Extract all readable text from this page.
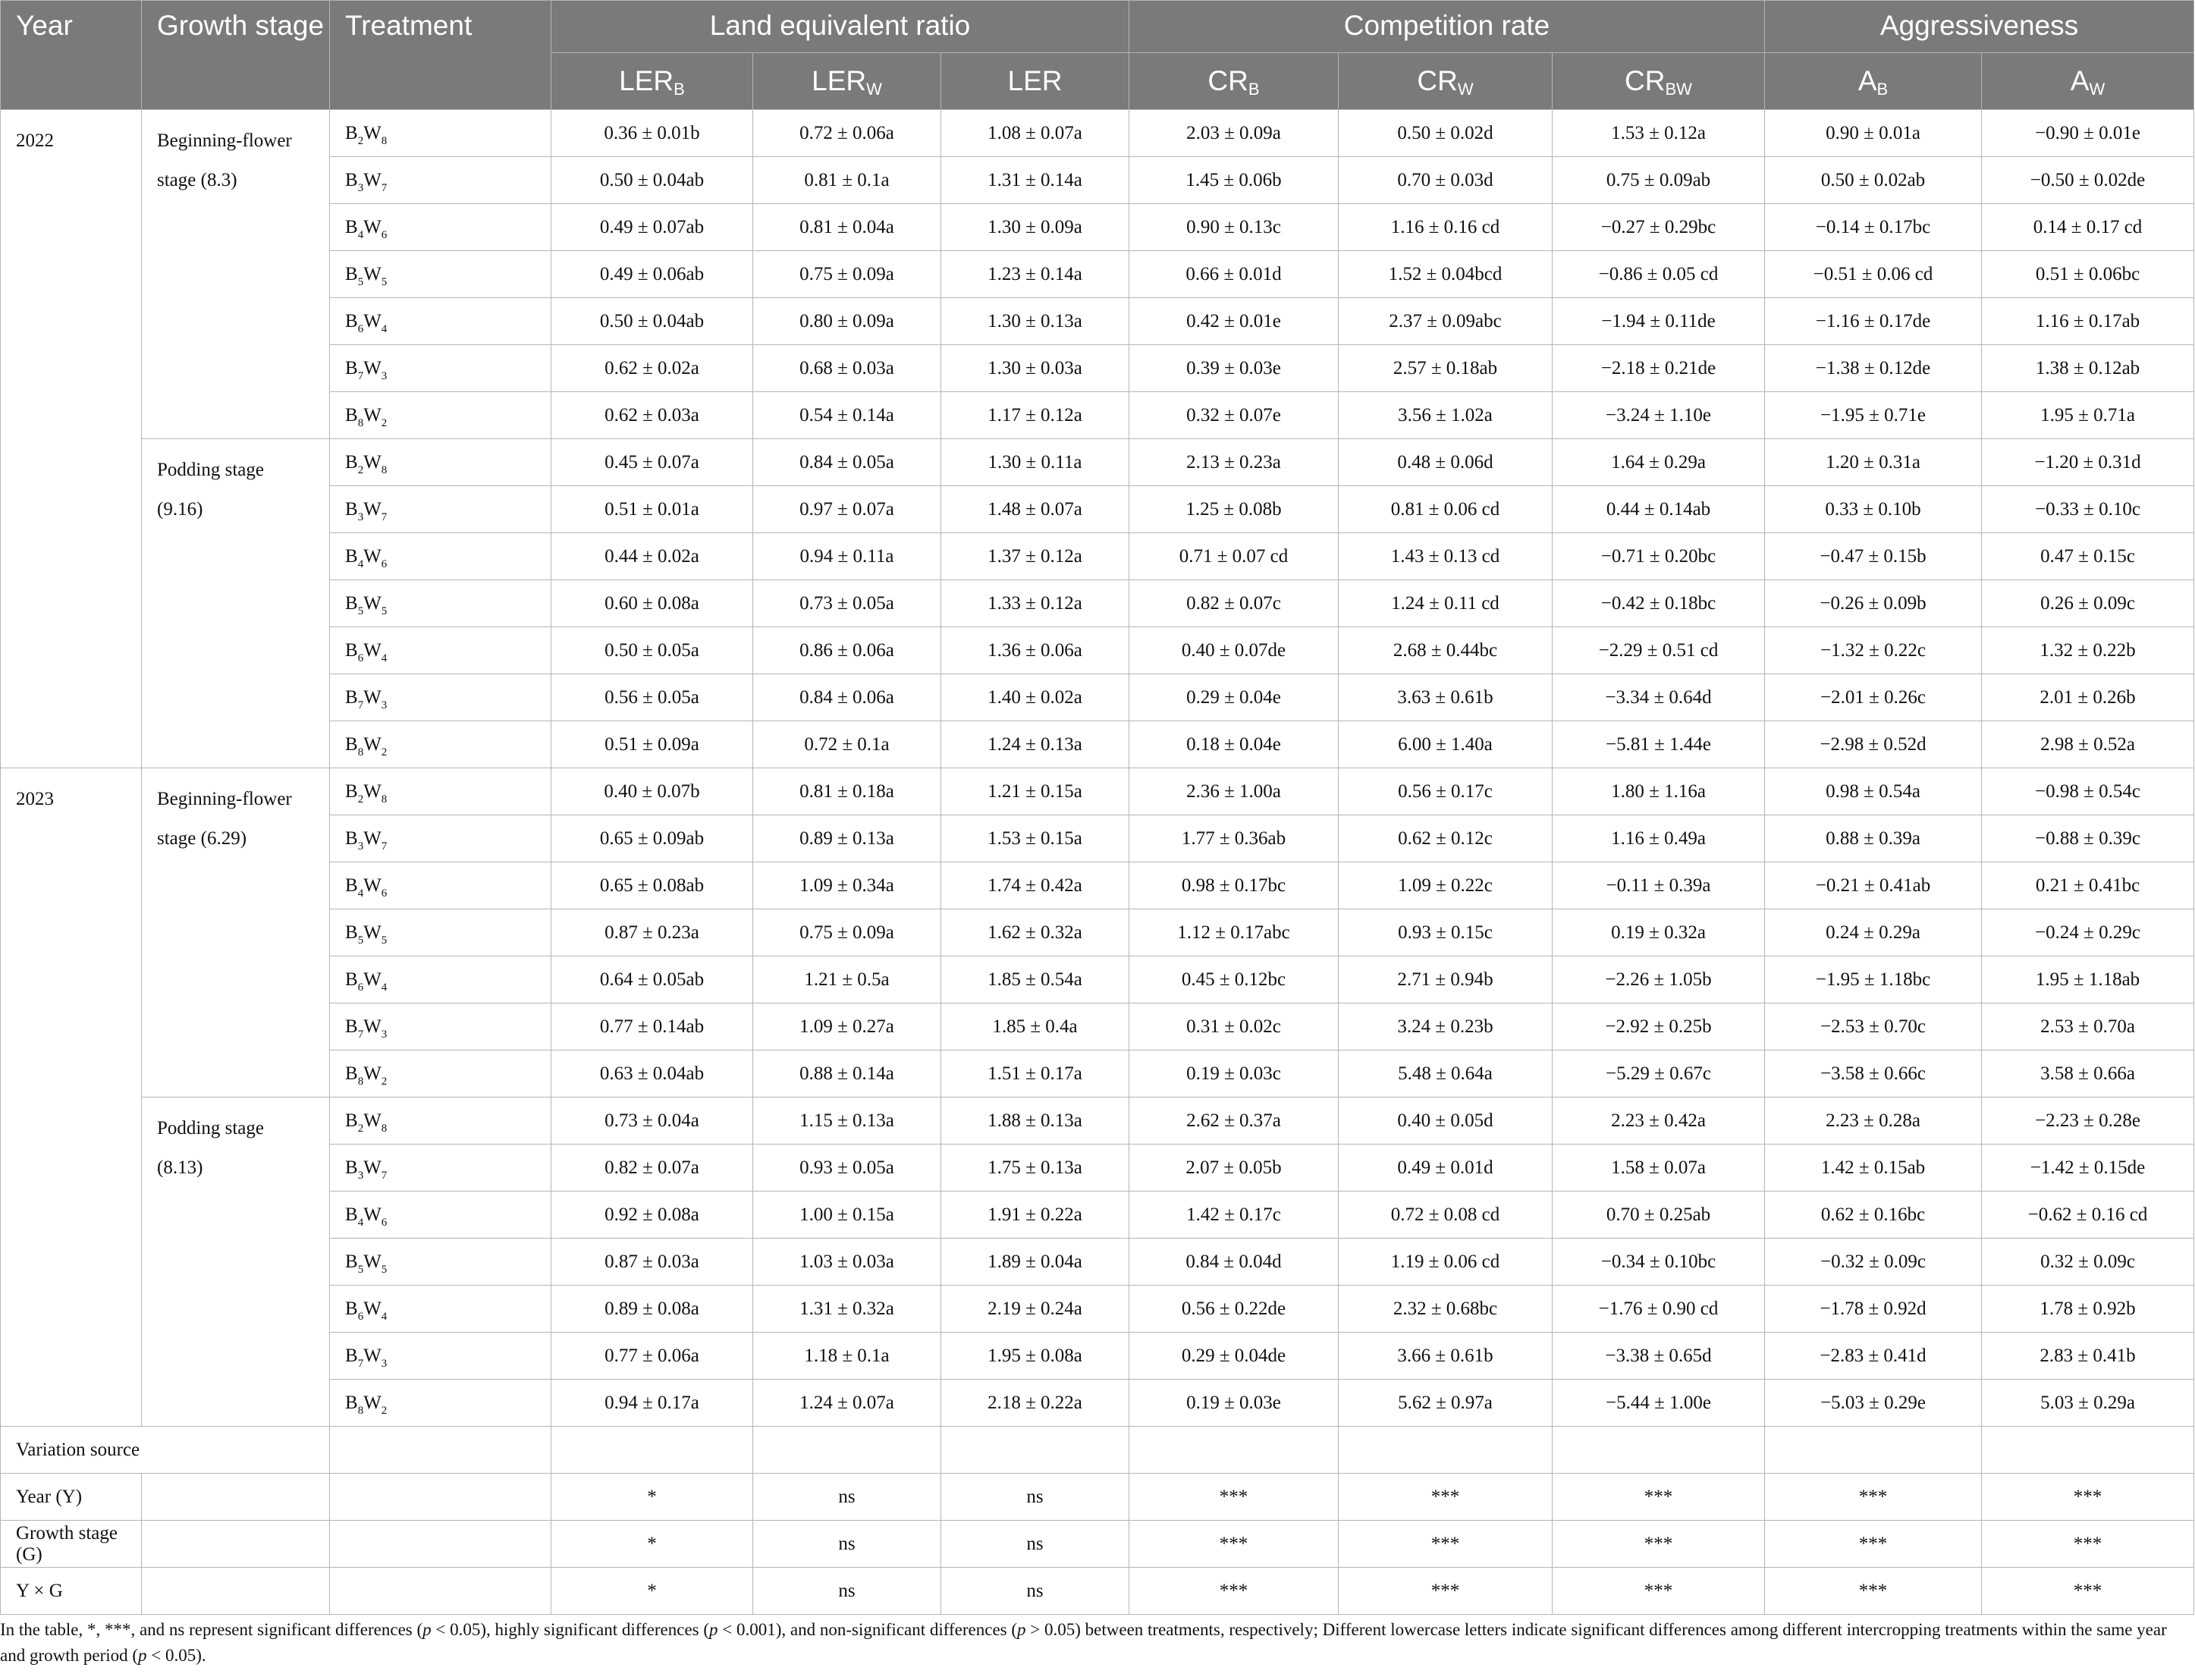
Year	Growth stage	Treatment	Land equivalent ratio			Competition rate			Aggressiveness	
			$LER_B$	$LER_W$	LER	$CR_B$	$CR_W$	$CR_{BW}$	$A_B$	$A_W$
2022	Beginning-flower stage (8.3)	$B_2W_8$	0.36 ± 0.01b	0.72 ± 0.06a	1.08 ± 0.07a	2.03 ± 0.09a	0.50 ± 0.02d	1.53 ± 0.12a	0.90 ± 0.01a	−0.90 ± 0.01e
		$B_3W_7$	0.50 ± 0.04ab	0.81 ± 0.1a	1.31 ± 0.14a	1.45 ± 0.06b	0.70 ± 0.03d	0.75 ± 0.09ab	0.50 ± 0.02ab	−0.50 ± 0.02de
		$B_4W_6$	0.49 ± 0.07ab	0.81 ± 0.04a	1.30 ± 0.09a	0.90 ± 0.13c	1.16 ± 0.16 cd	−0.27 ± 0.29bc	−0.14 ± 0.17bc	0.14 ± 0.17 cd
		$B_5W_5$	0.49 ± 0.06ab	0.75 ± 0.09a	1.23 ± 0.14a	0.66 ± 0.01d	1.52 ± 0.04bcd	−0.86 ± 0.05 cd	−0.51 ± 0.06 cd	0.51 ± 0.06bc
		$B_6W_4$	0.50 ± 0.04ab	0.80 ± 0.09a	1.30 ± 0.13a	0.42 ± 0.01e	2.37 ± 0.09abc	−1.94 ± 0.11de	−1.16 ± 0.17de	1.16 ± 0.17ab
		$B_7W_3$	0.62 ± 0.02a	0.68 ± 0.03a	1.30 ± 0.03a	0.39 ± 0.03e	2.57 ± 0.18ab	−2.18 ± 0.21de	−1.38 ± 0.12de	1.38 ± 0.12ab
		$B_8W_2$	0.62 ± 0.03a	0.54 ± 0.14a	1.17 ± 0.12a	0.32 ± 0.07e	3.56 ± 1.02a	−3.24 ± 1.10e	−1.95 ± 0.71e	1.95 ± 0.71a
	Podding stage (9.16)	$B_2W_8$	0.45 ± 0.07a	0.84 ± 0.05a	1.30 ± 0.11a	2.13 ± 0.23a	0.48 ± 0.06d	1.64 ± 0.29a	1.20 ± 0.31a	−1.20 ± 0.31d
		$B_3W_7$	0.51 ± 0.01a	0.97 ± 0.07a	1.48 ± 0.07a	1.25 ± 0.08b	0.81 ± 0.06 cd	0.44 ± 0.14ab	0.33 ± 0.10b	−0.33 ± 0.10c
		$B_4W_6$	0.44 ± 0.02a	0.94 ± 0.11a	1.37 ± 0.12a	0.71 ± 0.07 cd	1.43 ± 0.13 cd	−0.71 ± 0.20bc	−0.47 ± 0.15b	0.47 ± 0.15c
		$B_5W_5$	0.60 ± 0.08a	0.73 ± 0.05a	1.33 ± 0.12a	0.82 ± 0.07c	1.24 ± 0.11 cd	−0.42 ± 0.18bc	−0.26 ± 0.09b	0.26 ± 0.09c
		$B_6W_4$	0.50 ± 0.05a	0.86 ± 0.06a	1.36 ± 0.06a	0.40 ± 0.07de	2.68 ± 0.44bc	−2.29 ± 0.51 cd	−1.32 ± 0.22c	1.32 ± 0.22b
		$B_7W_3$	0.56 ± 0.05a	0.84 ± 0.06a	1.40 ± 0.02a	0.29 ± 0.04e	3.63 ± 0.61b	−3.34 ± 0.64d	−2.01 ± 0.26c	2.01 ± 0.26b
		$B_8W_2$	0.51 ± 0.09a	0.72 ± 0.1a	1.24 ± 0.13a	0.18 ± 0.04e	6.00 ± 1.40a	−5.81 ± 1.44e	−2.98 ± 0.52d	2.98 ± 0.52a
2023	Beginning-flower stage (6.29)	$B_2W_8$	0.40 ± 0.07b	0.81 ± 0.18a	1.21 ± 0.15a	2.36 ± 1.00a	0.56 ± 0.17c	1.80 ± 1.16a	0.98 ± 0.54a	−0.98 ± 0.54c
		$B_3W_7$	0.65 ± 0.09ab	0.89 ± 0.13a	1.53 ± 0.15a	1.77 ± 0.36ab	0.62 ± 0.12c	1.16 ± 0.49a	0.88 ± 0.39a	−0.88 ± 0.39c
		$B_4W_6$	0.65 ± 0.08ab	1.09 ± 0.34a	1.74 ± 0.42a	0.98 ± 0.17bc	1.09 ± 0.22c	−0.11 ± 0.39a	−0.21 ± 0.41ab	0.21 ± 0.41bc
		$B_5W_5$	0.87 ± 0.23a	0.75 ± 0.09a	1.62 ± 0.32a	1.12 ± 0.17abc	0.93 ± 0.15c	0.19 ± 0.32a	0.24 ± 0.29a	−0.24 ± 0.29c
		$B_6W_4$	0.64 ± 0.05ab	1.21 ± 0.5a	1.85 ± 0.54a	0.45 ± 0.12bc	2.71 ± 0.94b	−2.26 ± 1.05b	−1.95 ± 1.18bc	1.95 ± 1.18ab
		$B_7W_3$	0.77 ± 0.14ab	1.09 ± 0.27a	1.85 ± 0.4a	0.31 ± 0.02c	3.24 ± 0.23b	−2.92 ± 0.25b	−2.53 ± 0.70c	2.53 ± 0.70a
		$B_8W_2$	0.63 ± 0.04ab	0.88 ± 0.14a	1.51 ± 0.17a	0.19 ± 0.03c	5.48 ± 0.64a	−5.29 ± 0.67c	−3.58 ± 0.66c	3.58 ± 0.66a
	Podding stage (8.13)	$B_2W_8$	0.73 ± 0.04a	1.15 ± 0.13a	1.88 ± 0.13a	2.62 ± 0.37a	0.40 ± 0.05d	2.23 ± 0.42a	2.23 ± 0.28a	−2.23 ± 0.28e
		$B_3W_7$	0.82 ± 0.07a	0.93 ± 0.05a	1.75 ± 0.13a	2.07 ± 0.05b	0.49 ± 0.01d	1.58 ± 0.07a	1.42 ± 0.15ab	−1.42 ± 0.15de
		$B_4W_6$	0.92 ± 0.08a	1.00 ± 0.15a	1.91 ± 0.22a	1.42 ± 0.17c	0.72 ± 0.08 cd	0.70 ± 0.25ab	0.62 ± 0.16bc	−0.62 ± 0.16 cd
		$B_5W_5$	0.87 ± 0.03a	1.03 ± 0.03a	1.89 ± 0.04a	0.84 ± 0.04d	1.19 ± 0.06 cd	−0.34 ± 0.10bc	−0.32 ± 0.09c	0.32 ± 0.09c
		$B_6W_4$	0.89 ± 0.08a	1.31 ± 0.32a	2.19 ± 0.24a	0.56 ± 0.22de	2.32 ± 0.68bc	−1.76 ± 0.90 cd	−1.78 ± 0.92d	1.78 ± 0.92b
		$B_7W_3$	0.77 ± 0.06a	1.18 ± 0.1a	1.95 ± 0.08a	0.29 ± 0.04de	3.66 ± 0.61b	−3.38 ± 0.65d	−2.83 ± 0.41d	2.83 ± 0.41b
		$B_8W_2$	0.94 ± 0.17a	1.24 ± 0.07a	2.18 ± 0.22a	0.19 ± 0.03e	5.62 ± 0.97a	−5.44 ± 1.00e	−5.03 ± 0.29e	5.03 ± 0.29a
Variation source										
Year (Y)			*	ns	ns	***	***	***	***	***
Growth stage (G)			*	ns	ns	***	***	***	***	***
Y × G			*	ns	ns	***	***	***	***	***
In the table, *, ***, and ns represent significant differences (p < 0.05), highly significant differences (p < 0.001), and non-significant differences (p > 0.05) between treatments, respectively; Different lowercase letters indicate significant differences among different intercropping treatments within the same year and growth period (p < 0.05).
